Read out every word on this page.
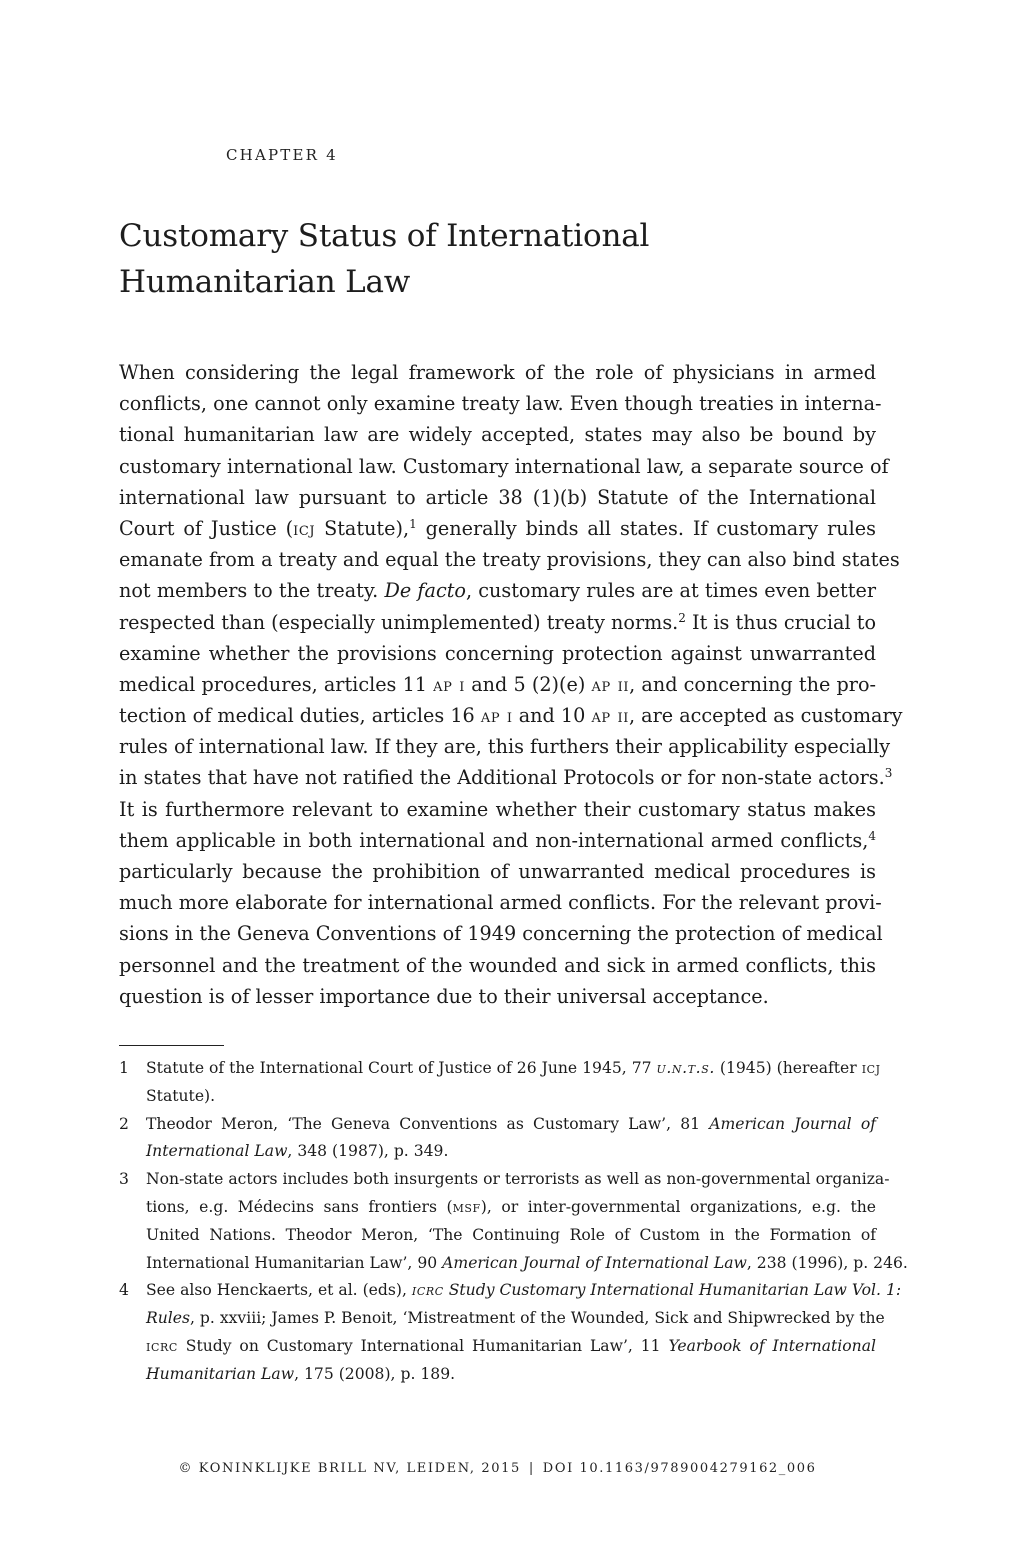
CHAPTER 4
Customary Status of International
Humanitarian Law
When considering the legal framework of the role of physicians in armed
conflicts, one cannot only examine treaty law. Even though treaties in interna-
tional humanitarian law are widely accepted, states may also be bound by
customary international law. Customary international law, a separate source of
international law pursuant to article 38 (1)(b) Statute of the International
Court of Justice (icj Statute),$^1$ generally binds all states. If customary rules
emanate from a treaty and equal the treaty provisions, they can also bind states
not members to the treaty. De facto, customary rules are at times even better
respected than (especially unimplemented) treaty norms.$^2$ It is thus crucial to
examine whether the provisions concerning protection against unwarranted
medical procedures, articles 11 ap i and 5 (2)(e) ap ii, and concerning the pro-
tection of medical duties, articles 16 ap i and 10 ap ii, are accepted as customary
rules of international law. If they are, this furthers their applicability especially
in states that have not ratified the Additional Protocols or for non-state actors.$^3$
It is furthermore relevant to examine whether their customary status makes
them applicable in both international and non-international armed conflicts,$^4$
particularly because the prohibition of unwarranted medical procedures is
much more elaborate for international armed conflicts. For the relevant provi-
sions in the Geneva Conventions of 1949 concerning the protection of medical
personnel and the treatment of the wounded and sick in armed conflicts, this
question is of lesser importance due to their universal acceptance.
1 Statute of the International Court of Justice of 26 June 1945, 77 u.n.t.s. (1945) (hereafter icj
Statute).
2 Theodor Meron, ‘The Geneva Conventions as Customary Law’, 81 American Journal of
International Law, 348 (1987), p. 349.
3 Non-state actors includes both insurgents or terrorists as well as non-governmental organiza-
tions, e.g. Médecins sans frontiers (msf), or inter-governmental organizations, e.g. the
United Nations. Theodor Meron, ‘The Continuing Role of Custom in the Formation of
International Humanitarian Law’, 90 American Journal of International Law, 238 (1996), p. 246.
4 See also Henckaerts, et al. (eds), icrc Study Customary International Humanitarian Law Vol. 1:
Rules, p. xxviii; James P. Benoit, ‘Mistreatment of the Wounded, Sick and Shipwrecked by the
icrc Study on Customary International Humanitarian Law’, 11 Yearbook of International
Humanitarian Law, 175 (2008), p. 189.
© KONINKLIJKE BRILL NV, LEIDEN, 2015 | DOI 10.1163/9789004279162_006
